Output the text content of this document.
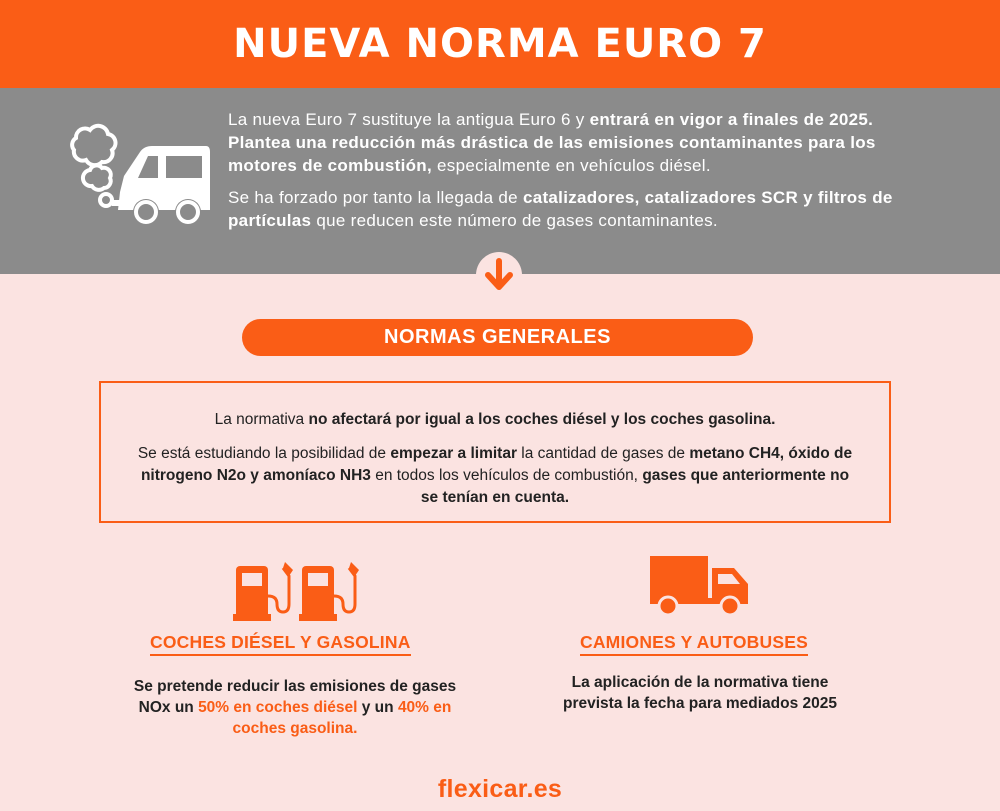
NUEVA NORMA EURO 7

La nueva Euro 7 sustituye la antigua Euro 6 y entrará en vigor a finales de 2025. Plantea una reducción más drástica de las emisiones contaminantes para los motores de combustión, especialmente en vehículos diésel.

Se ha forzado por tanto la llegada de catalizadores, catalizadores SCR y filtros de partículas que reducen este número de gases contaminantes.

NORMAS GENERALES

La normativa no afectará por igual a los coches diésel y los coches gasolina.

Se está estudiando la posibilidad de empezar a limitar la cantidad de gases de metano CH4, óxido de nitrogeno N2o y amoníaco NH3 en todos los vehículos de combustión, gases que anteriormente no se tenían en cuenta.

COCHES DIÉSEL Y GASOLINA
Se pretende reducir las emisiones de gases NOx un 50% en coches diésel y un 40% en coches gasolina.
CAMIONES Y AUTOBUSES
La aplicación de la normativa tiene prevista la fecha para mediados 2025
flexicar.es
